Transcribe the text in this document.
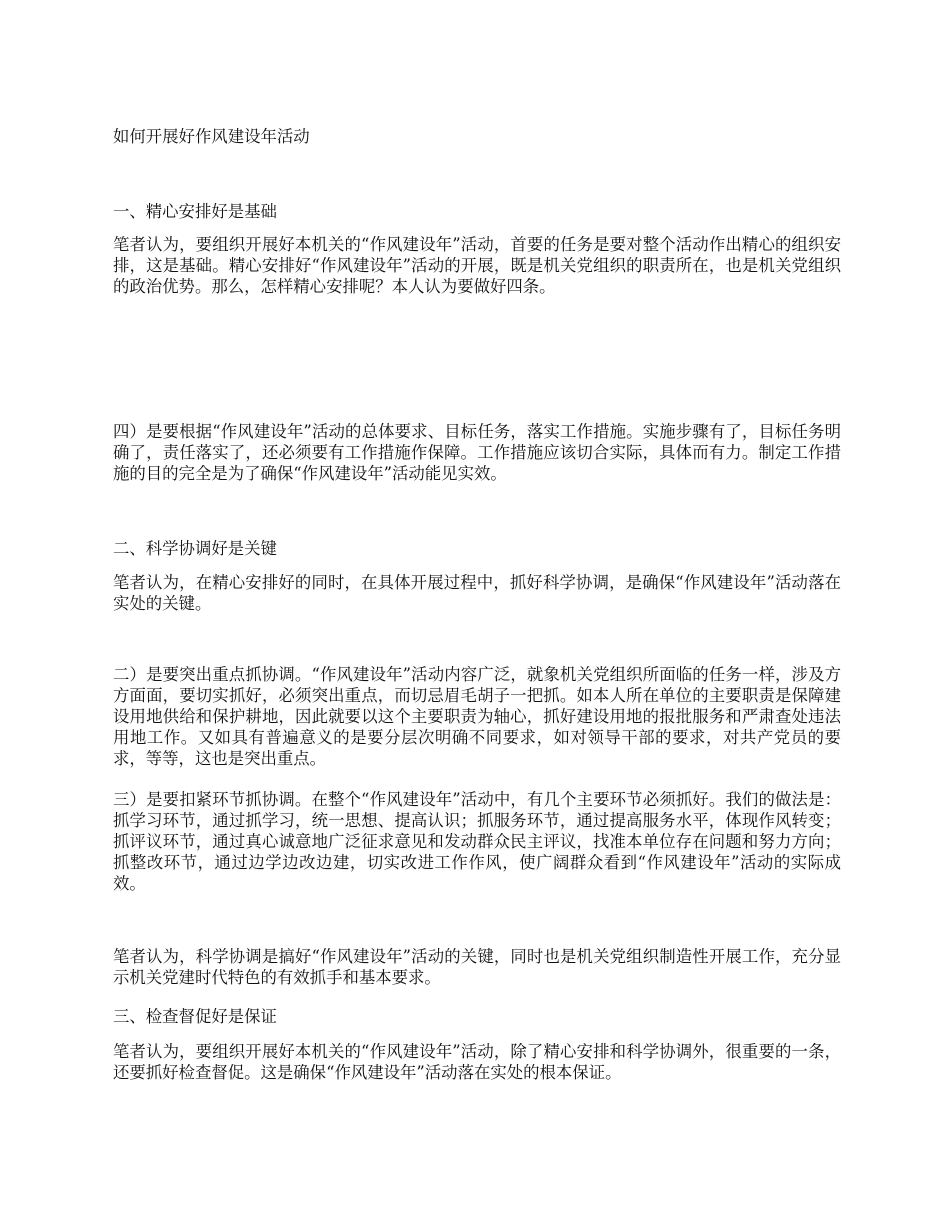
如何开展好作风建设年活动

一、精心安排好是基础

笔者认为，要组织开展好本机关的“作风建设年”活动，首要的任务是要对整个活动作出精心的组织安排，这是基础。精心安排好“作风建设年”活动的开展，既是机关党组织的职责所在，也是机关党组织的政治优势。那么，怎样精心安排呢？本人认为要做好四条。

四）是要根据“作风建设年”活动的总体要求、目标任务，落实工作措施。实施步骤有了，目标任务明确了，责任落实了，还必须要有工作措施作保障。工作措施应该切合实际，具体而有力。制定工作措施的目的完全是为了确保“作风建设年”活动能见实效。

二、科学协调好是关键

笔者认为，在精心安排好的同时，在具体开展过程中，抓好科学协调，是确保“作风建设年”活动落在实处的关键。

二）是要突出重点抓协调。“作风建设年”活动内容广泛，就象机关党组织所面临的任务一样，涉及方方面面，要切实抓好，必须突出重点，而切忌眉毛胡子一把抓。如本人所在单位的主要职责是保障建设用地供给和保护耕地，因此就要以这个主要职责为轴心，抓好建设用地的报批服务和严肃查处违法用地工作。又如具有普遍意义的是要分层次明确不同要求，如对领导干部的要求，对共产党员的要求，等等，这也是突出重点。

三）是要扣紧环节抓协调。在整个“作风建设年”活动中，有几个主要环节必须抓好。我们的做法是：抓学习环节，通过抓学习，统一思想、提高认识；抓服务环节，通过提高服务水平，体现作风转变；抓评议环节，通过真心诚意地广泛征求意见和发动群众民主评议，找准本单位存在问题和努力方向；抓整改环节，通过边学边改边建，切实改进工作作风，使广阔群众看到“作风建设年”活动的实际成效。

笔者认为，科学协调是搞好“作风建设年”活动的关键，同时也是机关党组织制造性开展工作，充分显示机关党建时代特色的有效抓手和基本要求。

三、检查督促好是保证

笔者认为，要组织开展好本机关的“作风建设年”活动，除了精心安排和科学协调外，很重要的一条，还要抓好检查督促。这是确保“作风建设年”活动落在实处的根本保证。
